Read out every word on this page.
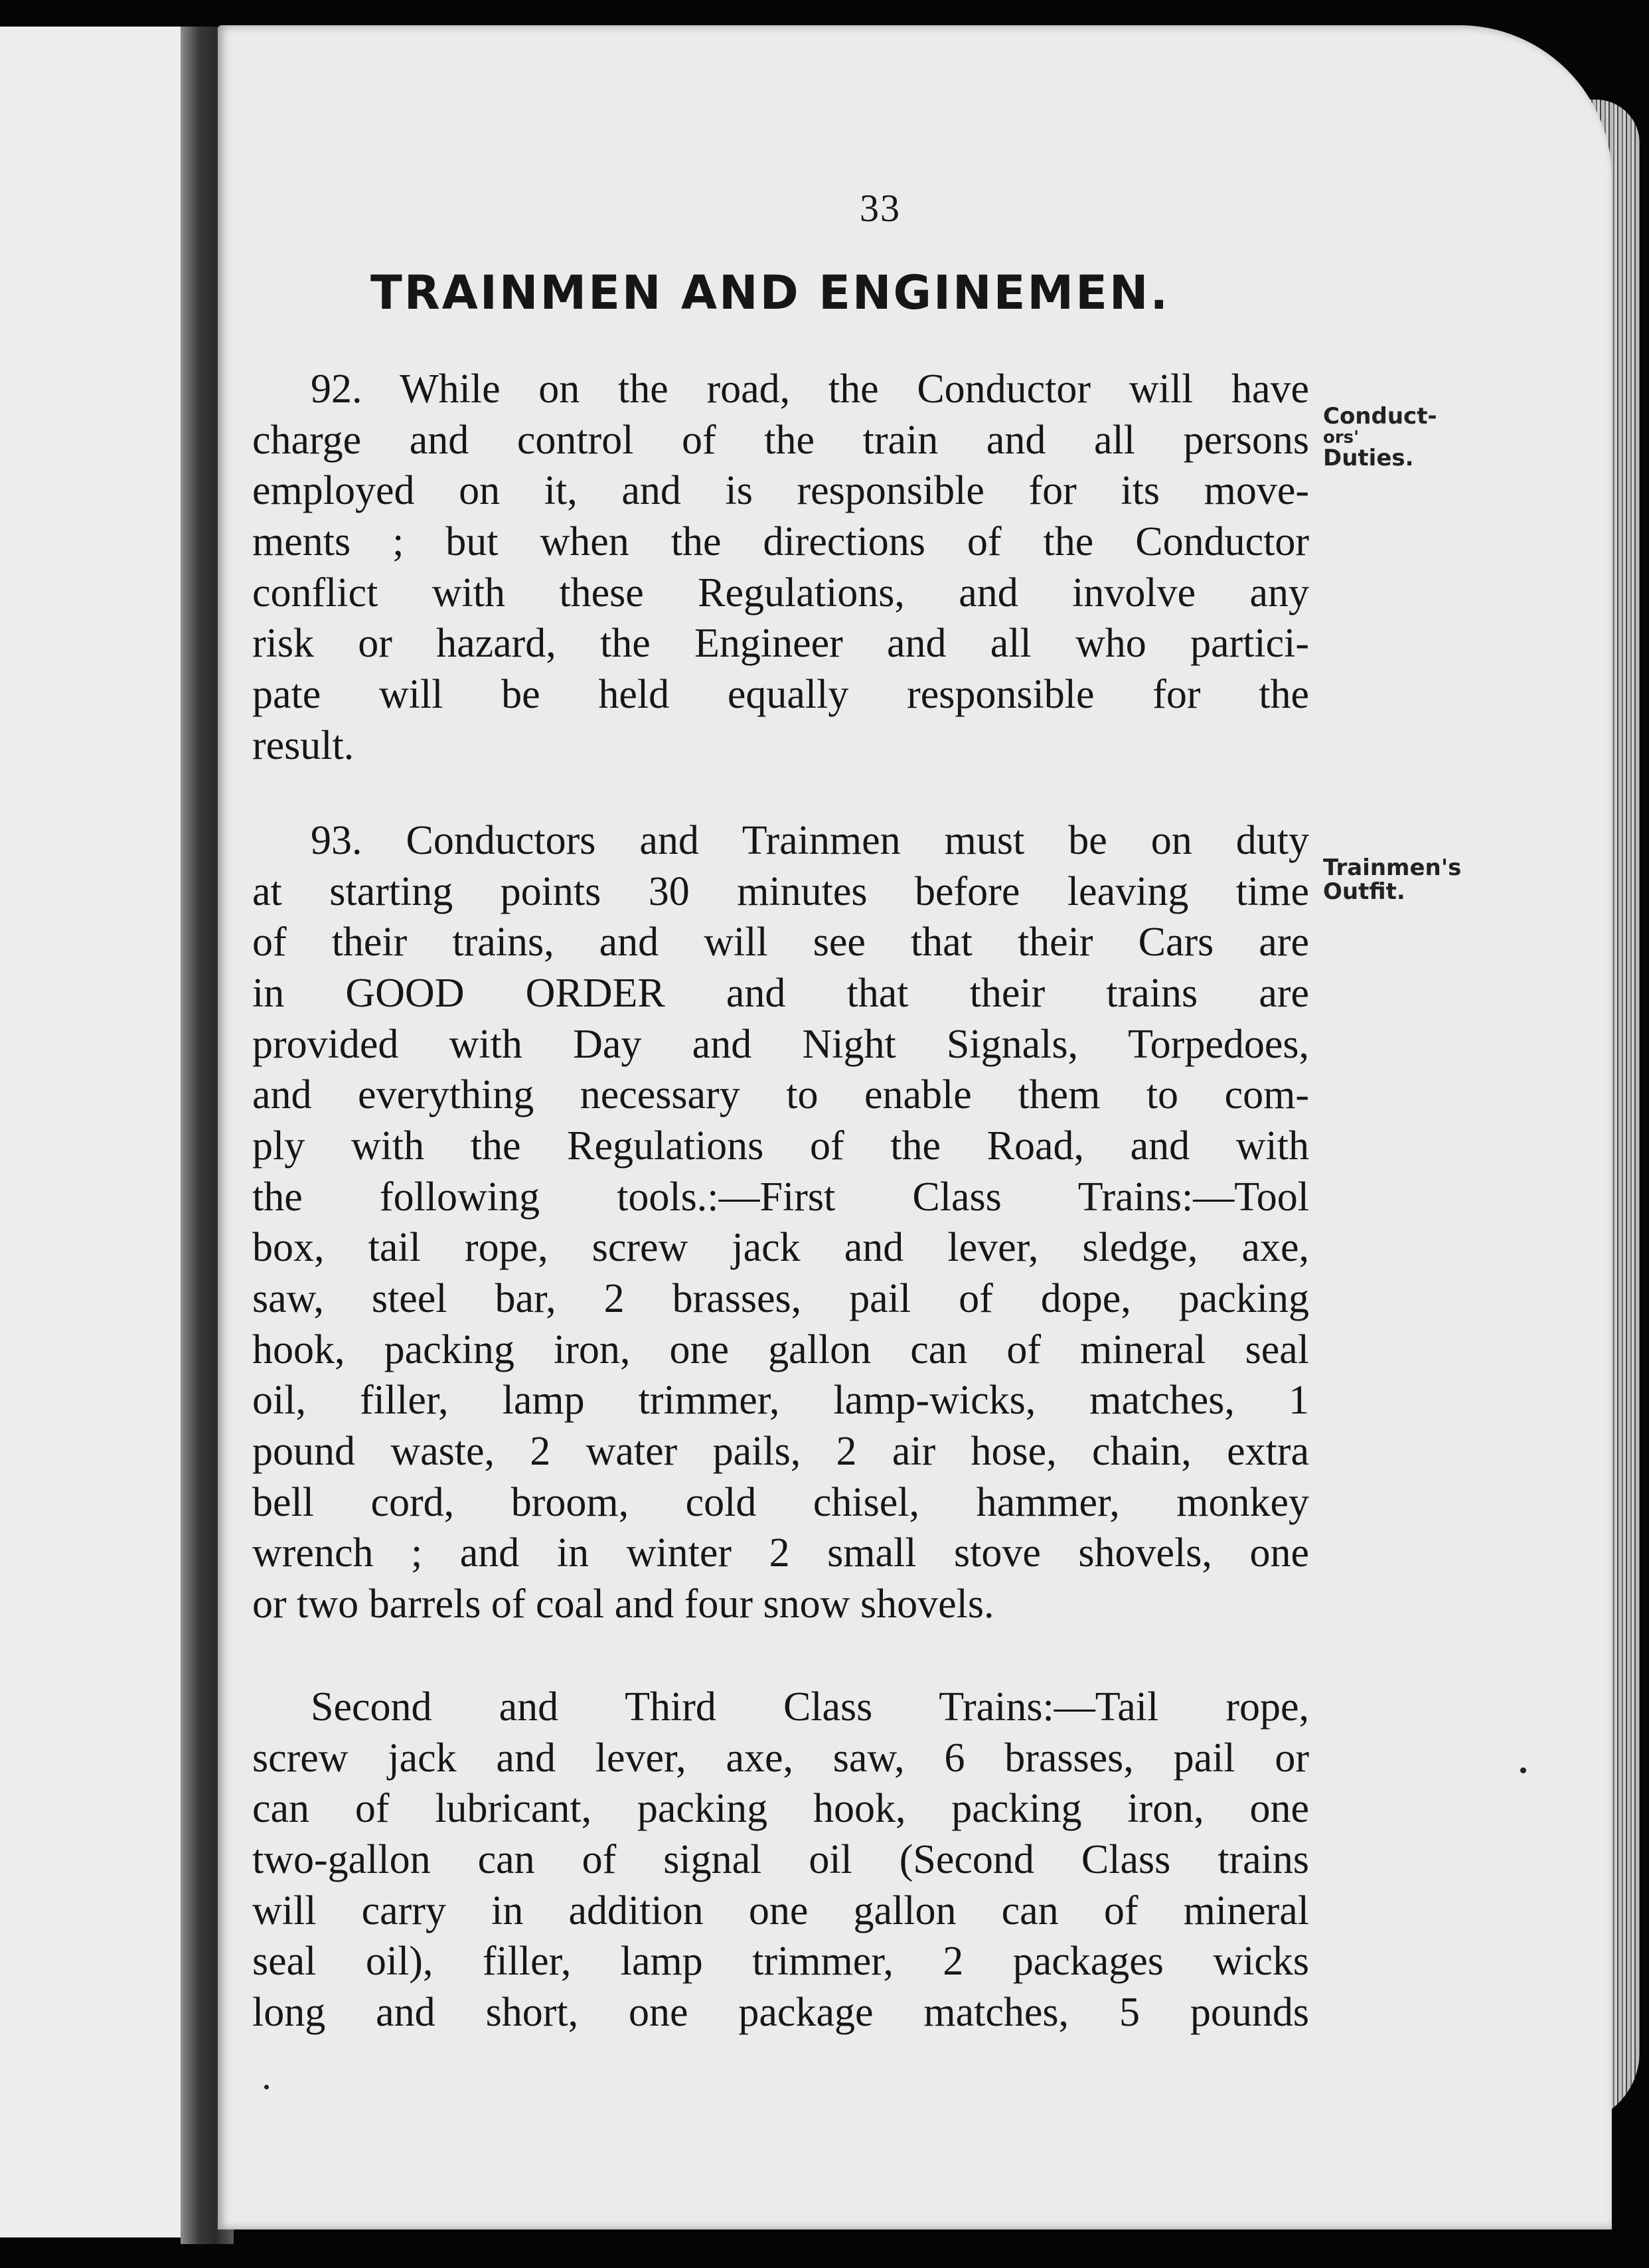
33
TRAINMEN AND ENGINEMEN.
92. While on the road, the Conductor will have
charge and control of the train and all persons
employed on it, and is responsible for its move-
ments ; but when the directions of the Conductor
conflict with these Regulations, and involve any
risk or hazard, the Engineer and all who partici-
pate will be held equally responsible for the
result.
Conduct-
ors'
Duties.
93. Conductors and Trainmen must be on duty
at starting points 30 minutes before leaving time
of their trains, and will see that their Cars are
in GOOD ORDER and that their trains are
provided with Day and Night Signals, Torpedoes,
and everything necessary to enable them to com-
ply with the Regulations of the Road, and with
the following tools.:—First Class Trains:—Tool
box, tail rope, screw jack and lever, sledge, axe,
saw, steel bar, 2 brasses, pail of dope, packing
hook, packing iron, one gallon can of mineral seal
oil, filler, lamp trimmer, lamp-wicks, matches, 1
pound waste, 2 water pails, 2 air hose, chain, extra
bell cord, broom, cold chisel, hammer, monkey
wrench ; and in winter 2 small stove shovels, one
or two barrels of coal and four snow shovels.
Trainmen's
Outfit.
Second and Third Class Trains:—Tail rope,
screw jack and lever, axe, saw, 6 brasses, pail or
can of lubricant, packing hook, packing iron, one
two-gallon can of signal oil (Second Class trains
will carry in addition one gallon can of mineral
seal oil), filler, lamp trimmer, 2 packages wicks
long and short, one package matches, 5 pounds
